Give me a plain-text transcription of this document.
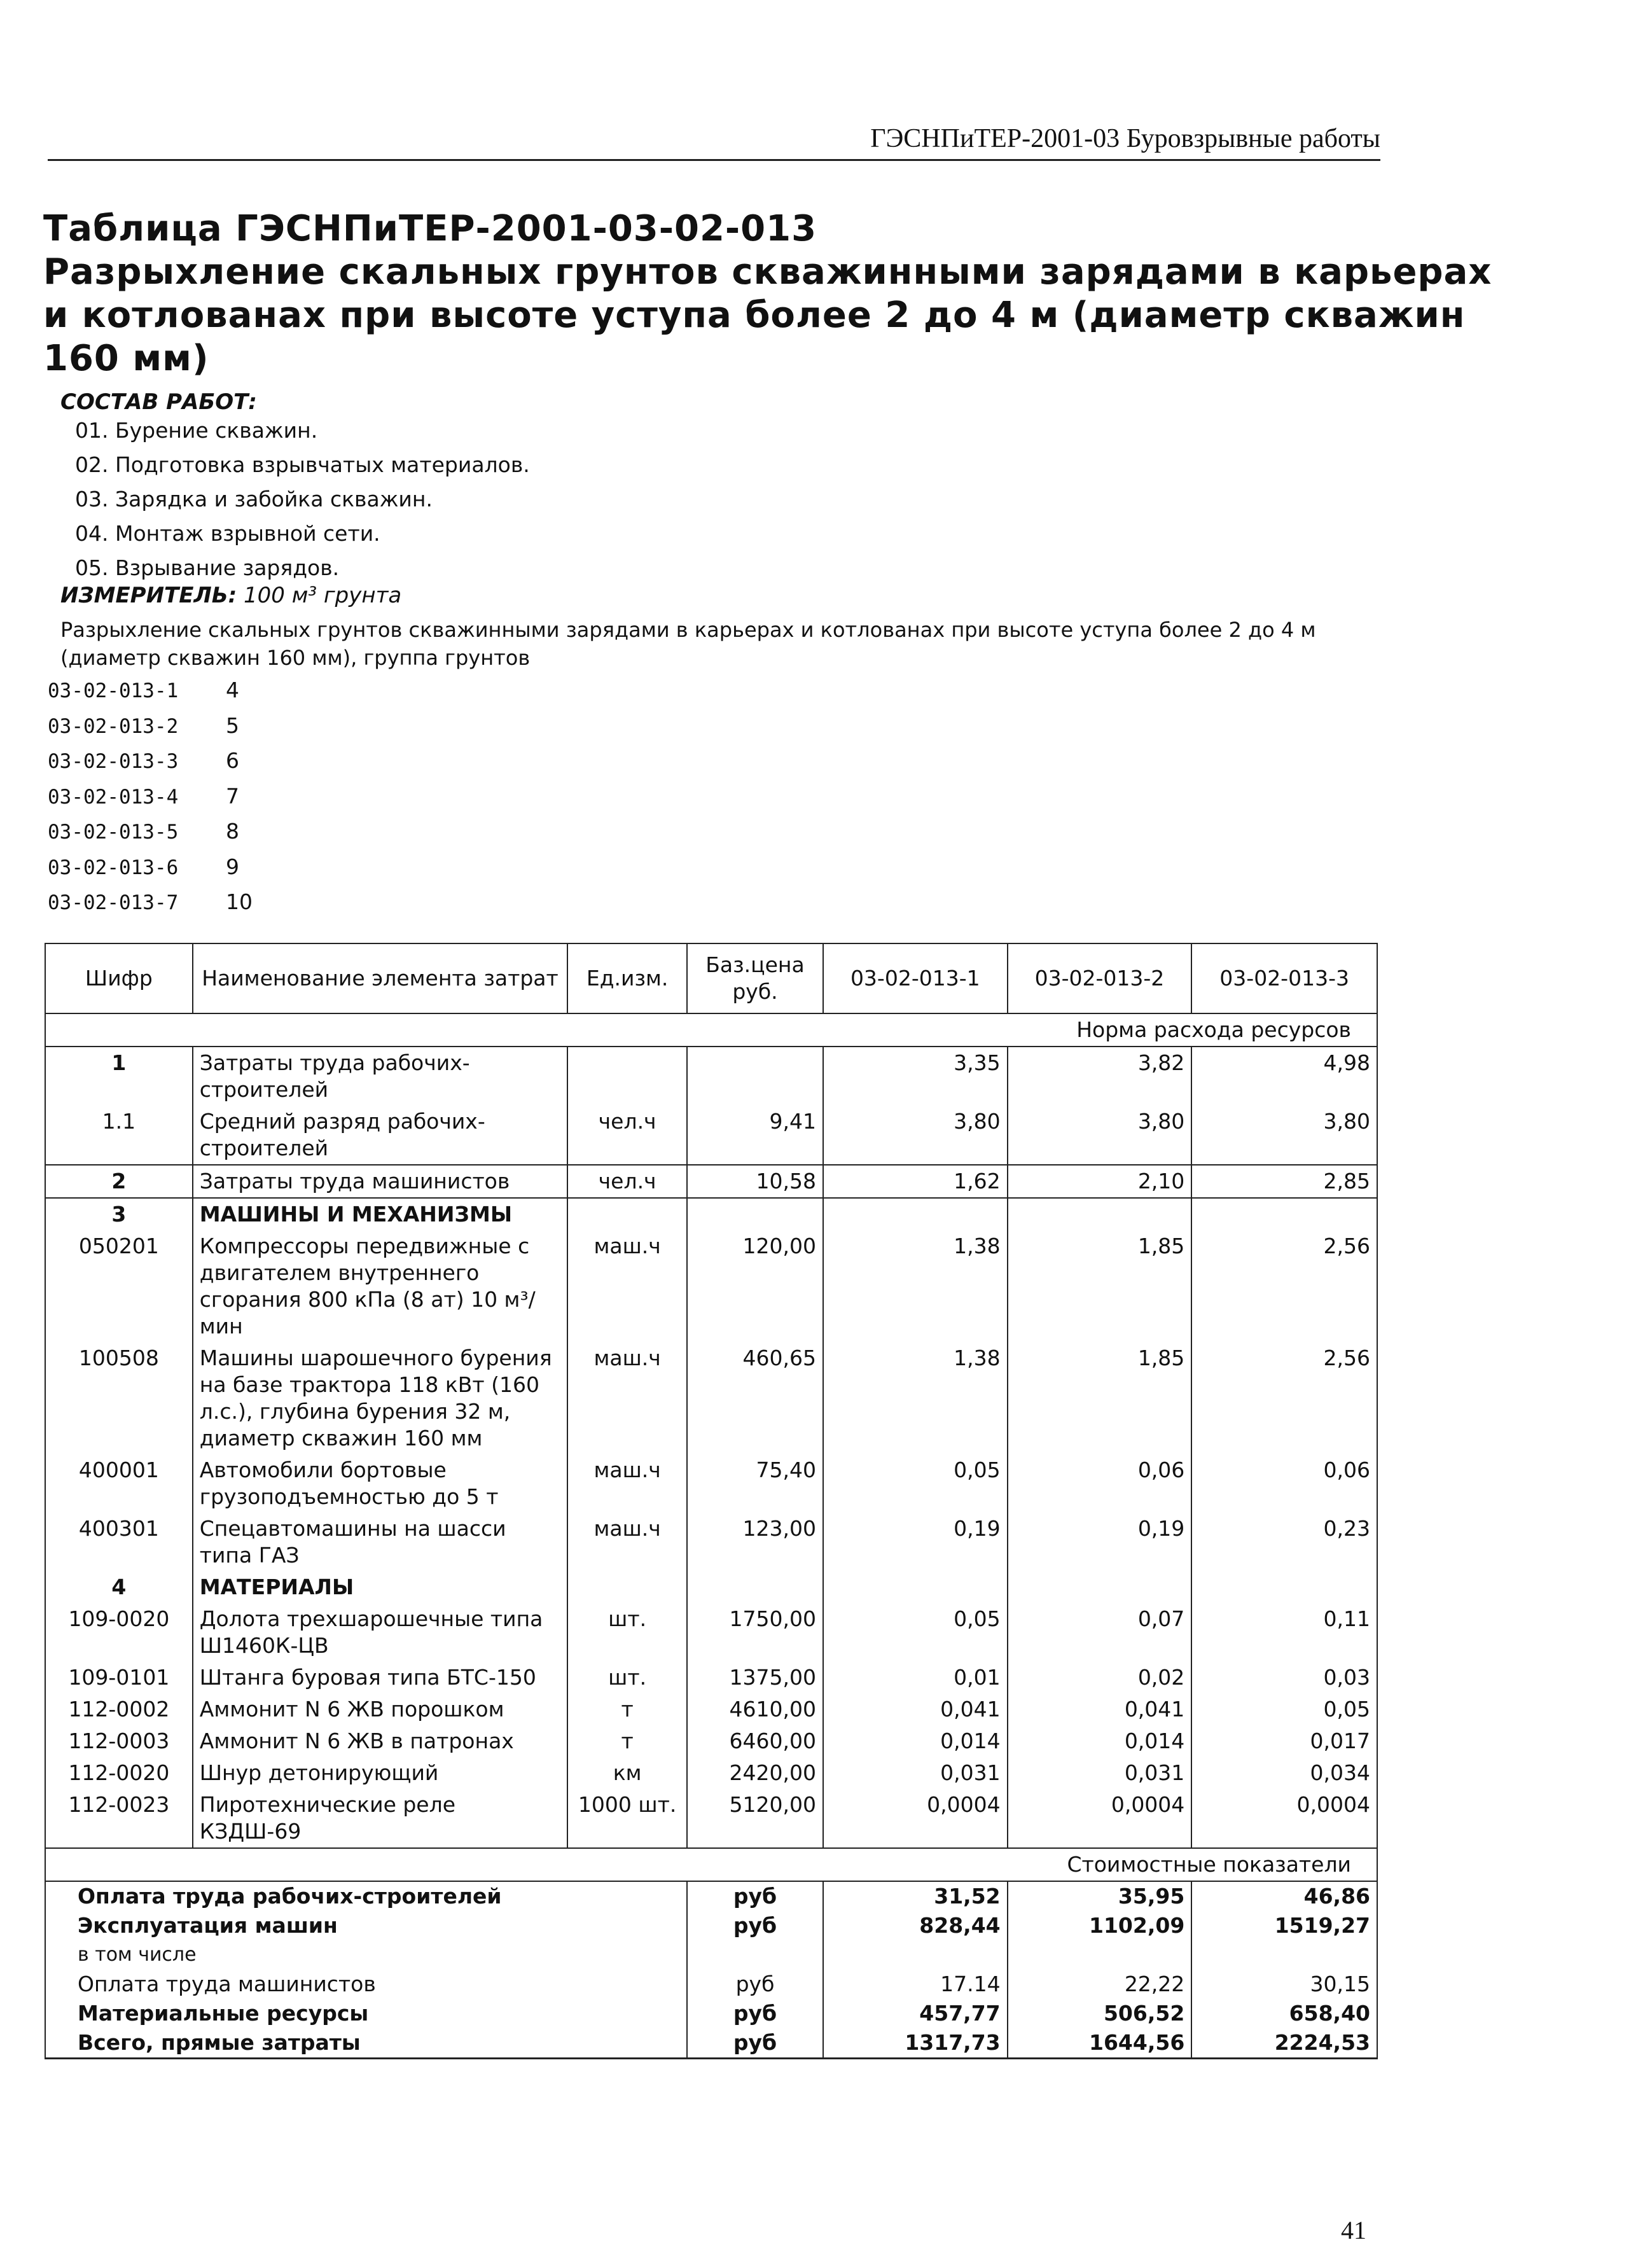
ГЭСНПиТЕР-2001-03 Буровзрывные работы
Таблица ГЭСНПиТЕР-2001-03-02-013
Разрыхление скальных грунтов скважинными зарядами в карьерах
и котлованах при высоте уступа более 2 до 4 м (диаметр скважин
160 мм)
СОСТАВ РАБОТ:
01. Бурение скважин.
02. Подготовка взрывчатых материалов.
03. Зарядка и забойка скважин.
04. Монтаж взрывной сети.
05. Взрывание зарядов.
ИЗМЕРИТЕЛЬ: 100 м³ грунта
Разрыхление скальных грунтов скважинными зарядами в карьерах и котлованах при высоте уступа более 2 до 4 м (диаметр скважин 160 мм), группа грунтов
03-02-013-1 4
03-02-013-2 5
03-02-013-3 6
03-02-013-4 7
03-02-013-5 8
03-02-013-6 9
03-02-013-7 10
Шифр	Наименование элемента затрат	Ед.изм.	Баз.цена руб.	03-02-013-1	03-02-013-2	03-02-013-3
Норма расхода ресурсов						
1	Затраты труда рабочих-строителей			3,35	3,82	4,98
1.1	Средний разряд рабочих-строителей	чел.ч	9,41	3,80	3,80	3,80
2	Затраты труда машинистов	чел.ч	10,58	1,62	2,10	2,85
3	МАШИНЫ И МЕХАНИЗМЫ					
050201	Компрессоры передвижные с двигателем внутреннего сгорания 800 кПа (8 ат) 10 м³/мин	маш.ч	120,00	1,38	1,85	2,56
100508	Машины шарошечного бурения на базе трактора 118 кВт (160 л.с.), глубина бурения 32 м, диаметр скважин 160 мм	маш.ч	460,65	1,38	1,85	2,56
400001	Автомобили бортовые грузоподъемностью до 5 т	маш.ч	75,40	0,05	0,06	0,06
400301	Спецавтомашины на шасси типа ГАЗ	маш.ч	123,00	0,19	0,19	0,23
4	МАТЕРИАЛЫ					
109-0020	Долота трехшарошечные типа Ш1460К-ЦВ	шт.	1750,00	0,05	0,07	0,11
109-0101	Штанга буровая типа БТС-150	шт.	1375,00	0,01	0,02	0,03
112-0002	Аммонит N 6 ЖВ порошком	т	4610,00	0,041	0,041	0,05
112-0003	Аммонит N 6 ЖВ в патронах	т	6460,00	0,014	0,014	0,017
112-0020	Шнур детонирующий	км	2420,00	0,031	0,031	0,034
112-0023	Пиротехнические реле КЗДШ-69	1000 шт.	5120,00	0,0004	0,0004	0,0004
Стоимостные показатели						
Оплата труда рабочих-строителей			руб	31,52	35,95	46,86
Эксплуатация машин			руб	828,44	1102,09	1519,27
в том числе						
Оплата труда машинистов			руб	17.14	22,22	30,15
Материальные ресурсы			руб	457,77	506,52	658,40
Всего, прямые затраты			руб	1317,73	1644,56	2224,53
41
